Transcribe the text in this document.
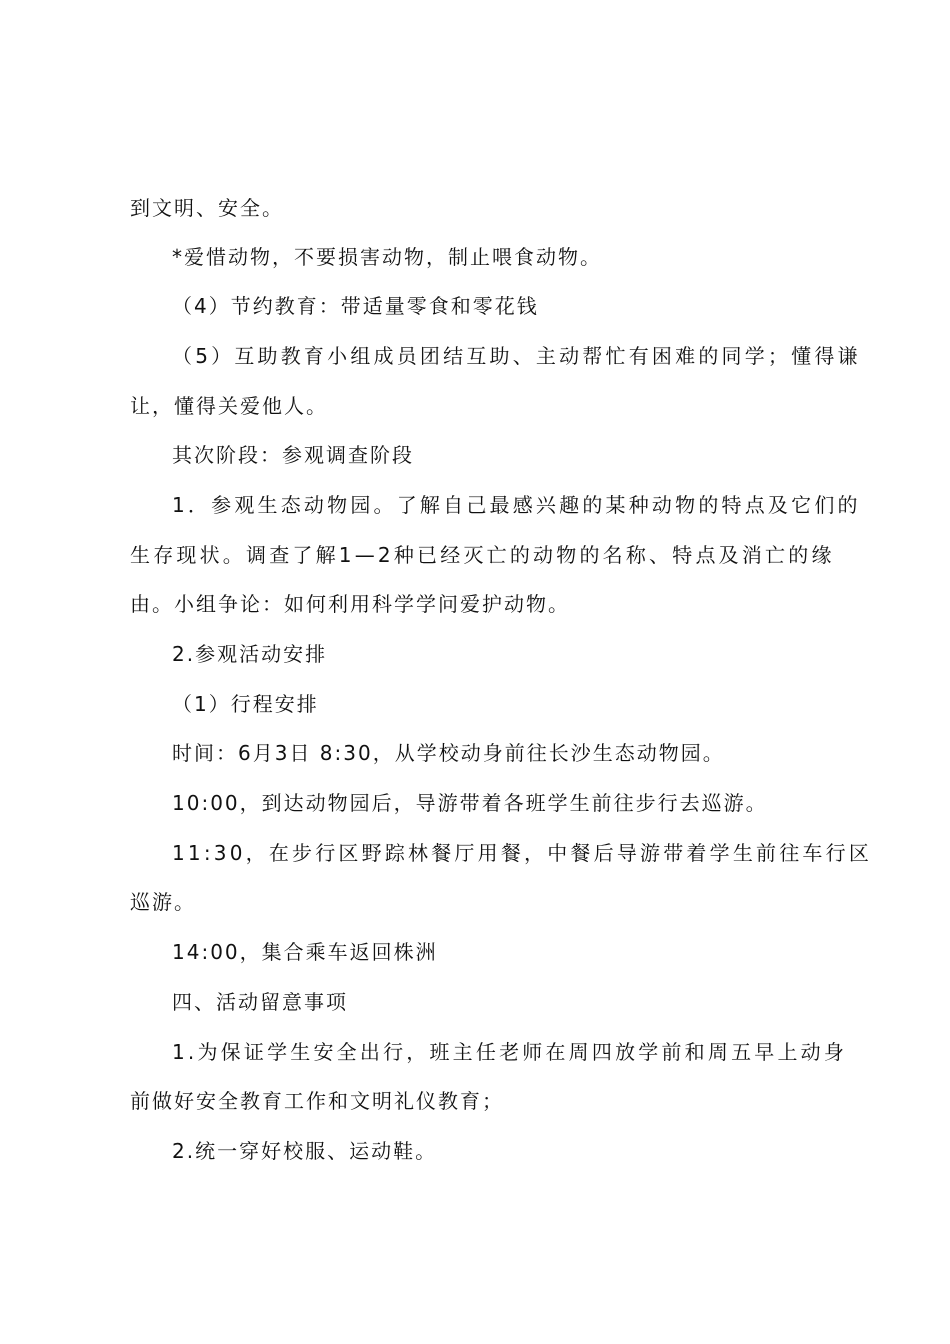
到文明、安全。
*爱惜动物，不要损害动物，制止喂食动物。
（4）节约教育：带适量零食和零花钱
（5）互助教育小组成员团结互助、主动帮忙有困难的同学；懂得谦
让，懂得关爱他人。
其次阶段：参观调查阶段
1．参观生态动物园。了解自己最感兴趣的某种动物的特点及它们的
生存现状。调查了解1—2种已经灭亡的动物的名称、特点及消亡的缘
由。小组争论：如何利用科学学问爱护动物。
2.参观活动安排
（1）行程安排
时间：6月3日 8:30，从学校动身前往长沙生态动物园。
10:00，到达动物园后，导游带着各班学生前往步行去巡游。
11:30，在步行区野踪林餐厅用餐，中餐后导游带着学生前往车行区
巡游。
14:00，集合乘车返回株洲
四、活动留意事项
1.为保证学生安全出行，班主任老师在周四放学前和周五早上动身
前做好安全教育工作和文明礼仪教育；
2.统一穿好校服、运动鞋。
